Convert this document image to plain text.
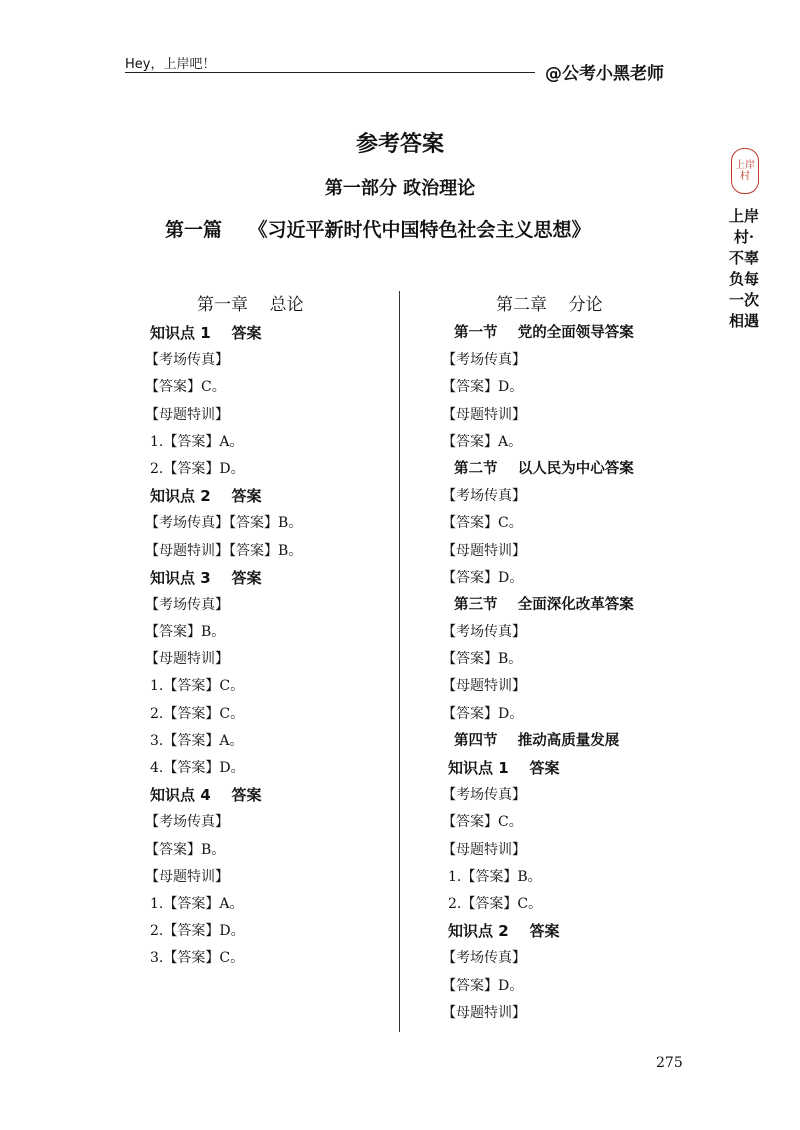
Hey，上岸吧！	@公考小黑老师
参考答案
第一部分 政治理论
第一篇    《习近平新时代中国特色社会主义思想》
第一章    总论
知识点 1    答案
【考场传真】
【答案】C。
【母题特训】
1.【答案】A。
2.【答案】D。
知识点 2    答案
【考场传真】【答案】B。
【母题特训】【答案】B。
知识点 3    答案
【考场传真】
【答案】B。
【母题特训】
1.【答案】C。
2.【答案】C。
3.【答案】A。
4.【答案】D。
知识点 4    答案
【考场传真】
【答案】B。
【母题特训】
1.【答案】A。
2.【答案】D。
3.【答案】C。
第二章    分论
第一节    党的全面领导答案
【考场传真】
【答案】D。
【母题特训】
【答案】A。
第二节    以人民为中心答案
【考场传真】
【答案】C。
【母题特训】
【答案】D。
第三节    全面深化改革答案
【考场传真】
【答案】B。
【母题特训】
【答案】D。
第四节    推动高质量发展
知识点 1    答案
【考场传真】
【答案】C。
【母题特训】
1.【答案】B。
2.【答案】C。
知识点 2    答案
【考场传真】
【答案】D。
【母题特训】
275
上岸村
上岸村·不辜负每一次相遇
